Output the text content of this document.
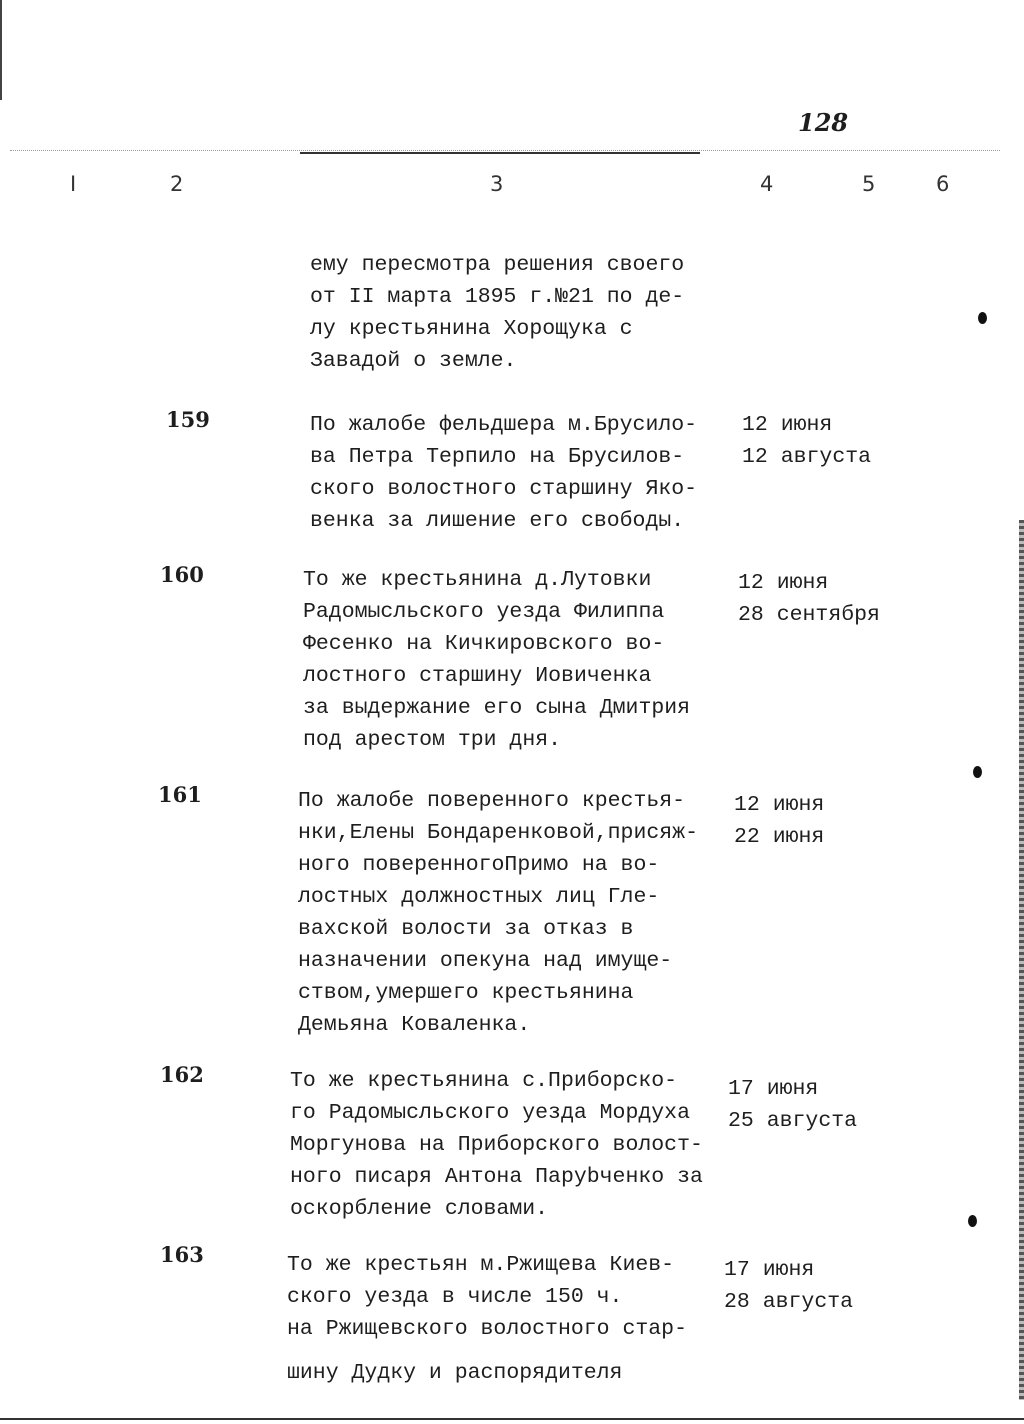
128
I	2	3	4	5	6
ему пересмотра решения своего
от II марта 1895 г.№21 по де-
лу крестьянина Хорощука с
Завадой о земле.
159	По жалобе фельдшера м.Брусило-
ва Петра Терпило на Брусилов-
ского волостного старшину Яко-
венка за лишение его свободы.
12 июня
12 августа
160	То же крестьянина д.Лутовки
Радомысльского уезда Филиппа
Фесенко на Кичкировского во-
лостного старшину Иовиченка
за выдержание его сына Дмитрия
под арестом три дня.
12 июня
28 сентября
161	По жалобе поверенного крестья-
нки,Елены Бондаренковой,присяж-
ного поверенногоПримо на во-
лостных должностных лиц Гле-
вахской волости за отказ в
назначении опекуна над имуще-
ством,умершего крестьянина
Демьяна Коваленка.
12 июня
22 июня
162	То же крестьянина с.Приборско-
го Радомысльского уезда Мордуха
Моргунова на Приборского волост-
ного писаря Антона Паруbченко за
оскорбление словами.
17 июня
25 августа
163	То же крестьян м.Ржищева Киев-
ского уезда в числе 150 ч.
на Ржищевского волостного стар-
шину Дудку и распорядителя
17 июня
28 августа
